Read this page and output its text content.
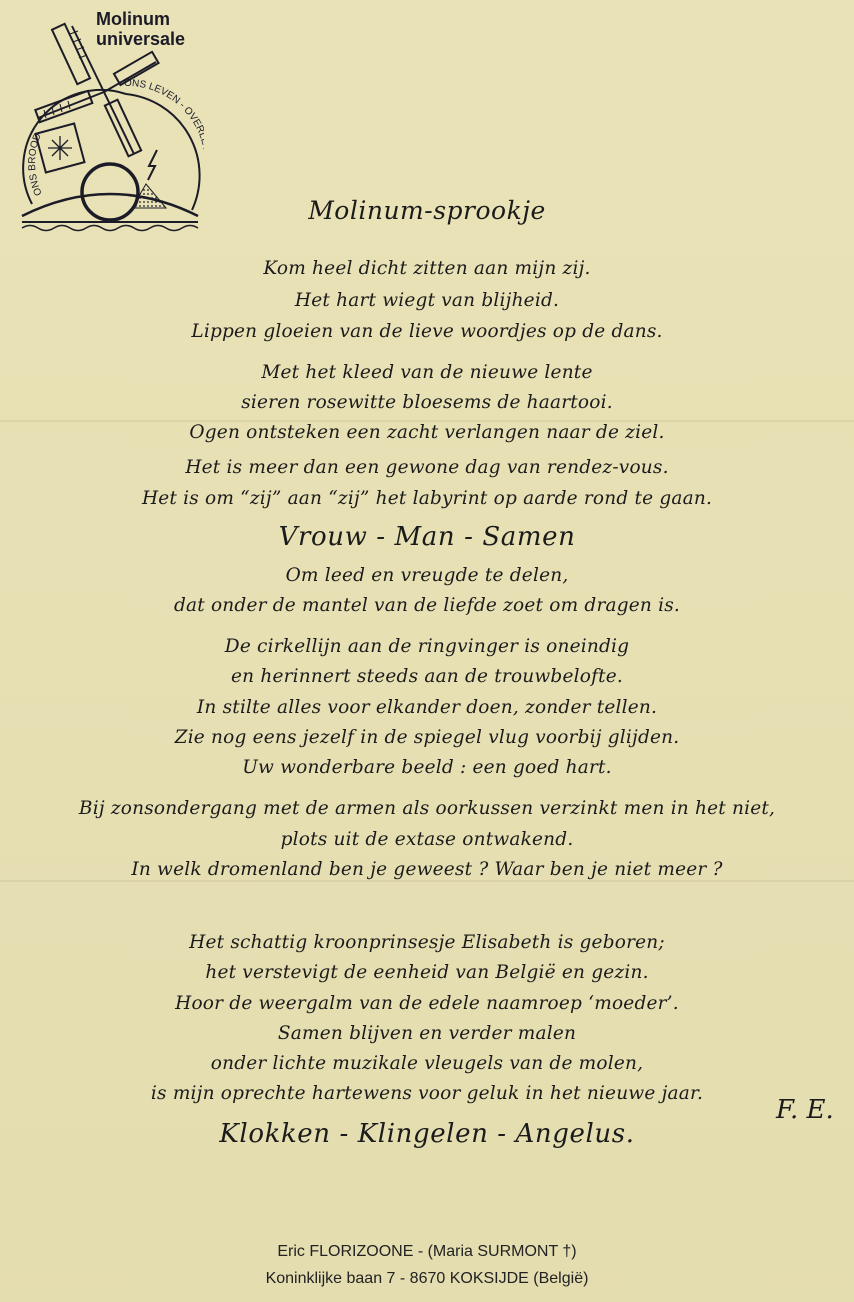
ONS BROOD
ONS LEVEN - OVE
Molinum
universale
Molinum-sprookje
Kom heel dicht zitten aan mijn zij.
Het hart wiegt van blijheid.
Lippen gloeien van de lieve woordjes op de dans.
Met het kleed van de nieuwe lente
sieren rosewitte bloesems de haartooi.
Ogen ontsteken een zacht verlangen naar de ziel.
Het is meer dan een gewone dag van rendez-vous.
Het is om “zij” aan “zij” het labyrint op aarde rond te gaan.
Vrouw - Man - Samen
Om leed en vreugde te delen,
dat onder de mantel van de liefde zoet om dragen is.
De cirkellijn aan de ringvinger is oneindig
en herinnert steeds aan de trouwbelofte.
In stilte alles voor elkander doen, zonder tellen.
Zie nog eens jezelf in de spiegel vlug voorbij glijden.
Uw wonderbare beeld : een goed hart.
Bij zonsondergang met de armen als oorkussen verzinkt men in het niet,
plots uit de extase ontwakend.
In welk dromenland ben je geweest ? Waar ben je niet meer ?
Het schattig kroonprinsesje Elisabeth is geboren;
het verstevigt de eenheid van België en gezin.
Hoor de weergalm van de edele naamroep ‘moeder’.
Samen blijven en verder malen
onder lichte muzikale vleugels van de molen,
is mijn oprechte hartewens voor geluk in het nieuwe jaar.
Klokken - Klingelen - Angelus.
F. E.
Eric FLORIZOONE - (Maria SURMONT †)
Koninklijke baan 7 - 8670 KOKSIJDE (België)
